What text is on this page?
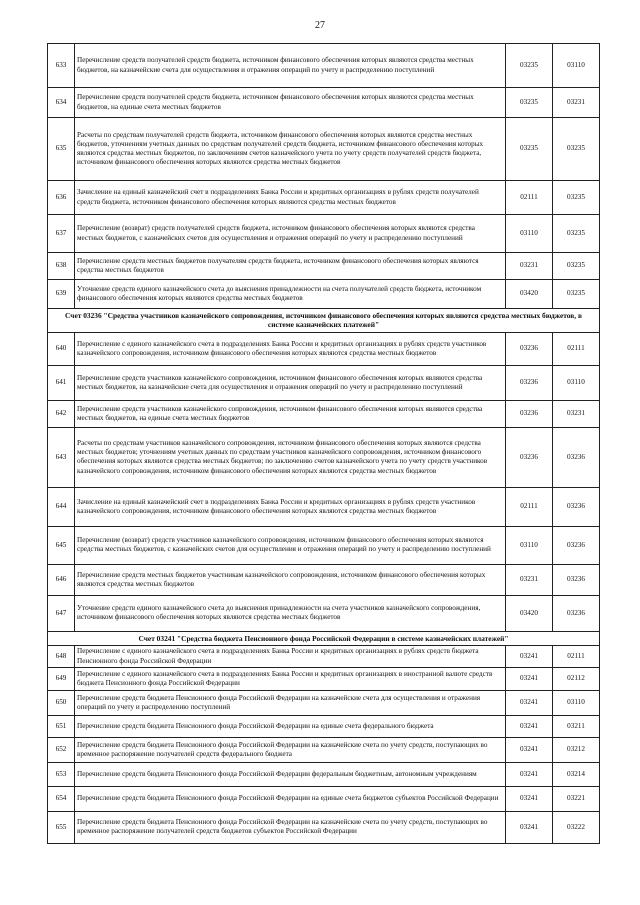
27
633	Перечисление средств получателей средств бюджета, источником финансового обеспечения которых являются средства местных бюджетов, на казначейские счета для осуществления и отражения операций по учету и распределению поступлений	03235	03110
634	Перечисление средств получателей средств бюджета, источником финансового обеспечения которых являются средства местных бюджетов, на единые счета местных бюджетов	03235	03231
635	Расчеты по средствам получателей средств бюджета, источником финансового обеспечения которых являются средства местных бюджетов, уточнениям учетных данных по средствам получателей средств бюджета, источником финансового обеспечения которых являются средства местных бюджетов, по заключениям счетов казначейского учета по учету средств получателей средств бюджета, источником финансового обеспечения которых являются средства местных бюджетов	03235	03235
636	Зачисление на единый казначейский счет в подразделениях Банка России и кредитных организациях в рублях средств получателей средств бюджета, источником финансового обеспечения которых являются средства местных бюджетов	02111	03235
637	Перечисление (возврат) средств получателей средств бюджета, источником финансового обеспечения которых являются средства местных бюджетов, с казначейских счетов для осуществления и отражения операций по учету и распределению поступлений	03110	03235
638	Перечисление средств местных бюджетов получателям средств бюджета, источником финансового обеспечения которых являются средства местных бюджетов	03231	03235
639	Уточнение средств единого казначейского счета до выяснения принадлежности на счета получателей средств бюджета, источником финансового обеспечения которых являются средства местных бюджетов	03420	03235
Счет 03236 "Средства участников казначейского сопровождения, источником финансового обеспечения которых являются средства местных бюджетов, в системе казначейских платежей"			
640	Перечисление с единого казначейского счета в подразделениях Банка России и кредитных организациях в рублях средств участников казначейского сопровождения, источником финансового обеспечения которых являются средства местных бюджетов	03236	02111
641	Перечисление средств участников казначейского сопровождения, источником финансового обеспечения которых являются средства местных бюджетов, на казначейские счета для осуществления и отражения операций по учету и распределению поступлений	03236	03110
642	Перечисление средств участников казначейского сопровождения, источником финансового обеспечения которых являются средства местных бюджетов, на единые счета местных бюджетов	03236	03231
643	Расчеты по средствам участников казначейского сопровождения, источником финансового обеспечения которых являются средства местных бюджетов; уточнениям учетных данных по средствам участников казначейского сопровождения, источником финансового обеспечения которых являются средства местных бюджетов; по заключению счетов казначейского учета по учету средств участников казначейского сопровождения, источником финансового обеспечения которых являются средства местных бюджетов	03236	03236
644	Зачисление на единый казначейский счет в подразделениях Банка России и кредитных организациях в рублях средств участников казначейского сопровождения, источником финансового обеспечения которых являются средства местных бюджетов	02111	03236
645	Перечисление (возврат) средств участников казначейского сопровождения, источником финансового обеспечения которых являются средства местных бюджетов, с казначейских счетов для осуществления и отражения операций по учету и распределению поступлений	03110	03236
646	Перечисление средств местных бюджетов участникам казначейского сопровождения, источником финансового обеспечения которых являются средства местных бюджетов	03231	03236
647	Уточнение средств единого казначейского счета до выяснения принадлежности на счета участников казначейского сопровождения, источником финансового обеспечения которых являются средства местных бюджетов	03420	03236
Счет 03241 "Средства бюджета Пенсионного фонда Российской Федерации в системе казначейских платежей"			
648	Перечисление с единого казначейского счета в подразделениях Банка России и кредитных организациях в рублях средств бюджета Пенсионного фонда Российской Федерации	03241	02111
649	Перечисление с единого казначейского счета в подразделениях Банка России и кредитных организациях в иностранной валюте средств бюджета Пенсионного фонда Российской Федерации	03241	02112
650	Перечисление средств бюджета Пенсионного фонда Российской Федерации на казначейские счета для осуществления и отражения операций по учету и распределению поступлений	03241	03110
651	Перечисление средств бюджета Пенсионного фонда Российской Федерации на единые счета федерального бюджета	03241	03211
652	Перечисление средств бюджета Пенсионного фонда Российской Федерации на казначейские счета по учету средств, поступающих во временное распоряжение получателей средств федерального бюджета	03241	03212
653	Перечисление средств бюджета Пенсионного фонда Российской Федерации федеральным бюджетным, автономным учреждениям	03241	03214
654	Перечисление средств бюджета Пенсионного фонда Российской Федерации на единые счета бюджетов субъектов Российской Федерации	03241	03221
655	Перечисление средств бюджета Пенсионного фонда Российской Федерации на казначейские счета по учету средств, поступающих во временное распоряжение получателей средств бюджетов субъектов Российской Федерации	03241	03222
